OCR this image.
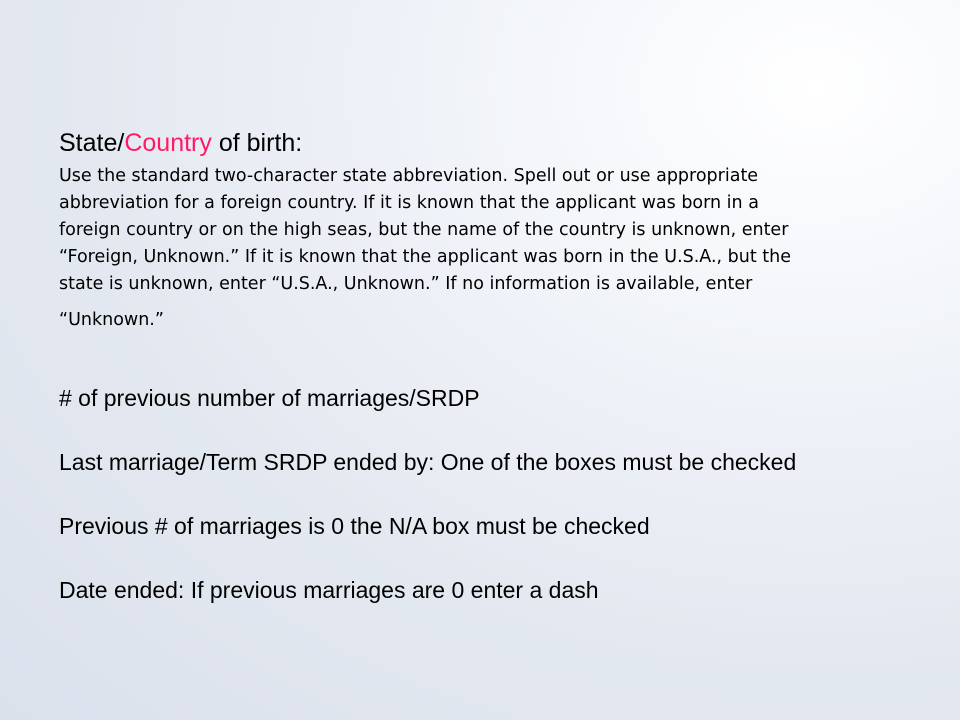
State/Country of birth:
Use the standard two-character state abbreviation. Spell out or use appropriate
abbreviation for a foreign country. If it is known that the applicant was born in a
foreign country or on the high seas, but the name of the country is unknown, enter
“Foreign, Unknown.” If it is known that the applicant was born in the U.S.A., but the
state is unknown, enter “U.S.A., Unknown.” If no information is available, enter
“Unknown.”
# of previous number of marriages/SRDP
Last marriage/Term SRDP ended by: One of the boxes must be checked
Previous # of marriages is 0 the N/A box must be checked
Date ended: If previous marriages are 0 enter a dash
